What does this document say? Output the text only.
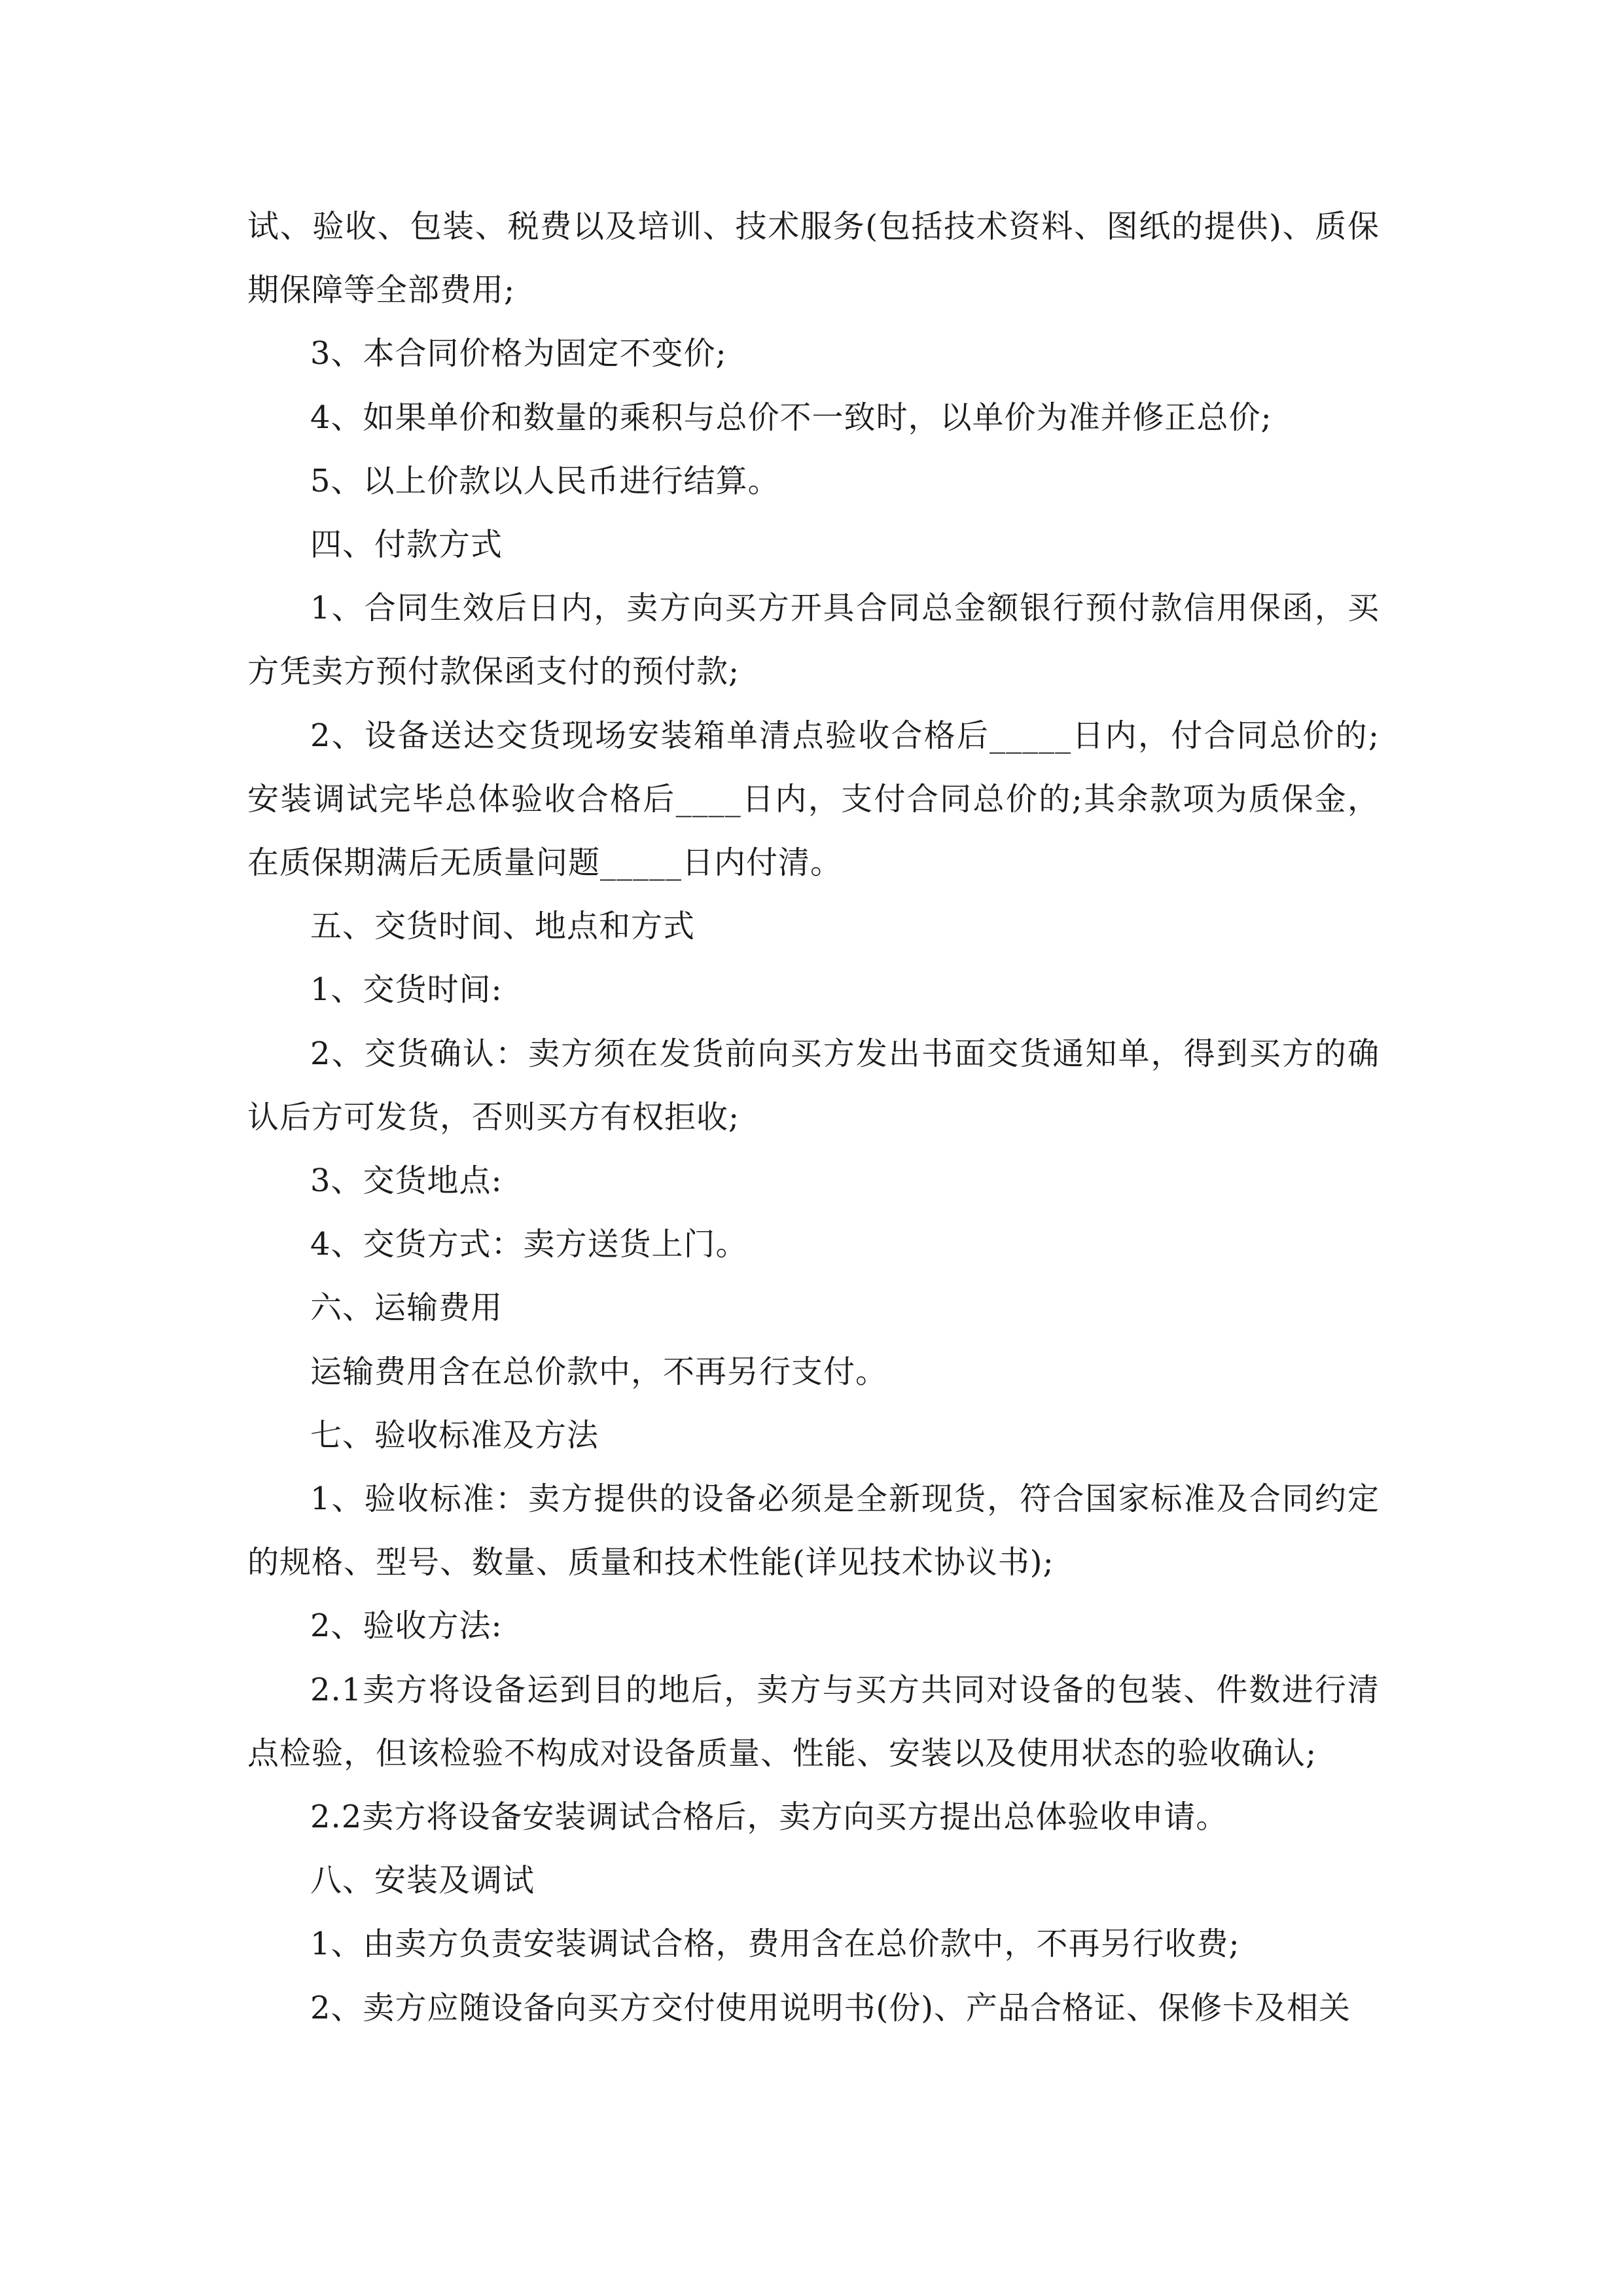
试、验收、包装、税费以及培训、技术服务(包括技术资料、图纸的提供)、质保期保障等全部费用;

3、本合同价格为固定不变价;

4、如果单价和数量的乘积与总价不一致时，以单价为准并修正总价;

5、以上价款以人民币进行结算。

四、付款方式

1、合同生效后日内，卖方向买方开具合同总金额银行预付款信用保函，买方凭卖方预付款保函支付的预付款;

2、设备送达交货现场安装箱单清点验收合格后_____日内，付合同总价的;安装调试完毕总体验收合格后____日内，支付合同总价的;其余款项为质保金，在质保期满后无质量问题_____日内付清。

五、交货时间、地点和方式

1、交货时间:

2、交货确认：卖方须在发货前向买方发出书面交货通知单，得到买方的确认后方可发货，否则买方有权拒收;

3、交货地点:

4、交货方式：卖方送货上门。

六、运输费用

运输费用含在总价款中，不再另行支付。

七、验收标准及方法

1、验收标准：卖方提供的设备必须是全新现货，符合国家标准及合同约定的规格、型号、数量、质量和技术性能(详见技术协议书);

2、验收方法:

2.1卖方将设备运到目的地后，卖方与买方共同对设备的包装、件数进行清点检验，但该检验不构成对设备质量、性能、安装以及使用状态的验收确认;

2.2卖方将设备安装调试合格后，卖方向买方提出总体验收申请。

八、安装及调试

1、由卖方负责安装调试合格，费用含在总价款中，不再另行收费;

2、卖方应随设备向买方交付使用说明书(份)、产品合格证、保修卡及相关
